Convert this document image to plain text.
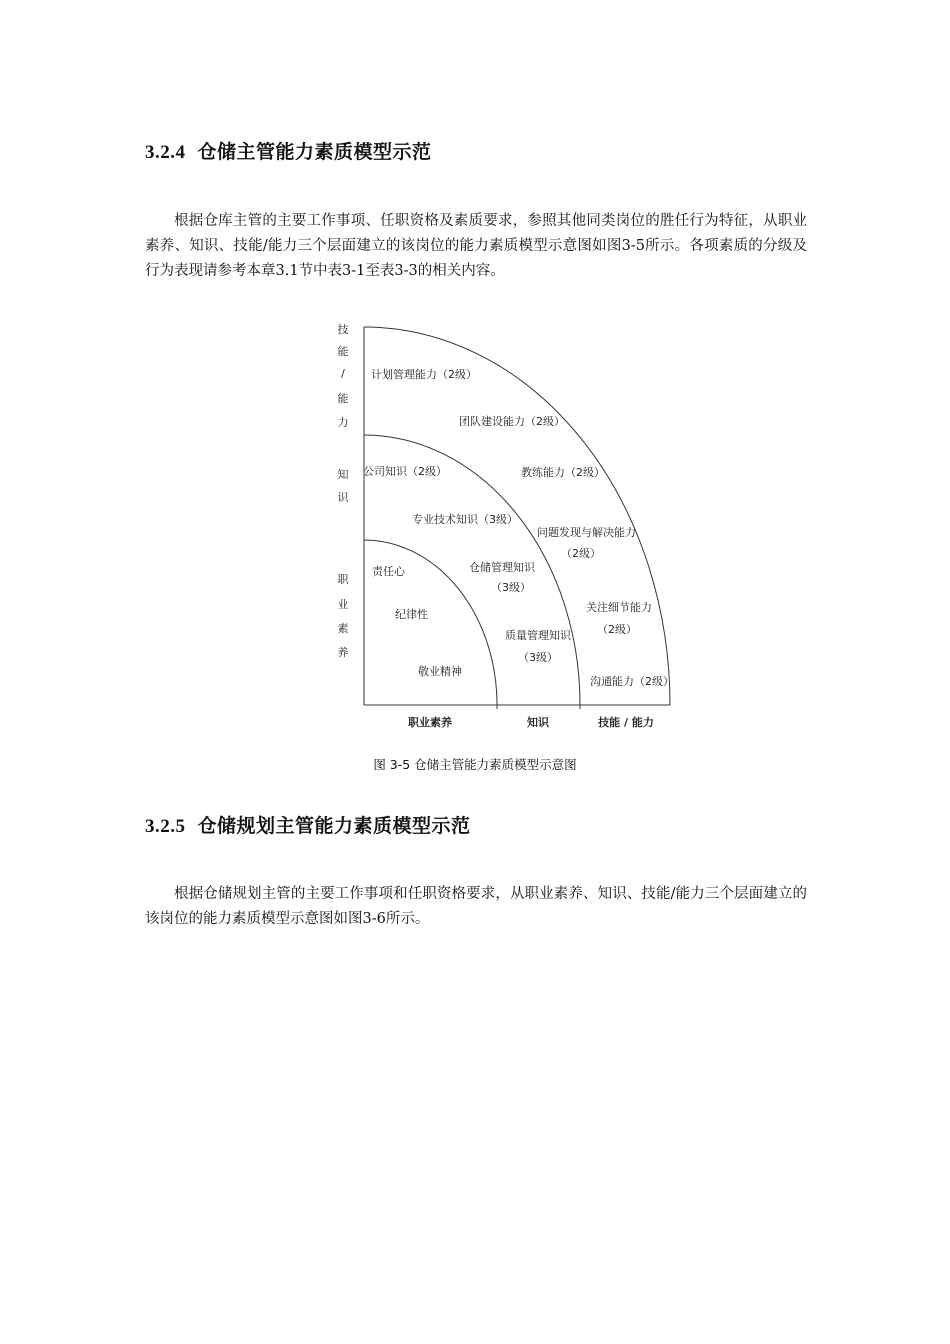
3.2.4 仓储主管能力素质模型示范

根据仓库主管的主要工作事项、任职资格及素质要求，参照其他同类岗位的胜任行为特征，从职业素养、知识、技能/能力三个层面建立的该岗位的能力素质模型示意图如图3-5所示。各项素质的分级及行为表现请参考本章3.1节中表3-1至表3-3的相关内容。

技
能
/
能
力
知
识
职
业
素
养
计划管理能力（2级）
团队建设能力（2级）
教练能力（2级）
问题发现与解决能力
（2级）
关注细节能力
（2级）
沟通能力（2级）
公司知识（2级）
专业技术知识（3级）
仓储管理知识
（3级）
质量管理知识
（3级）
责任心
纪律性
敬业精神
职业素养	知识	技能 / 能力
图 3-5 仓储主管能力素质模型示意图
3.2.5 仓储规划主管能力素质模型示范

根据仓储规划主管的主要工作事项和任职资格要求，从职业素养、知识、技能/能力三个层面建立的该岗位的能力素质模型示意图如图3-6所示。
